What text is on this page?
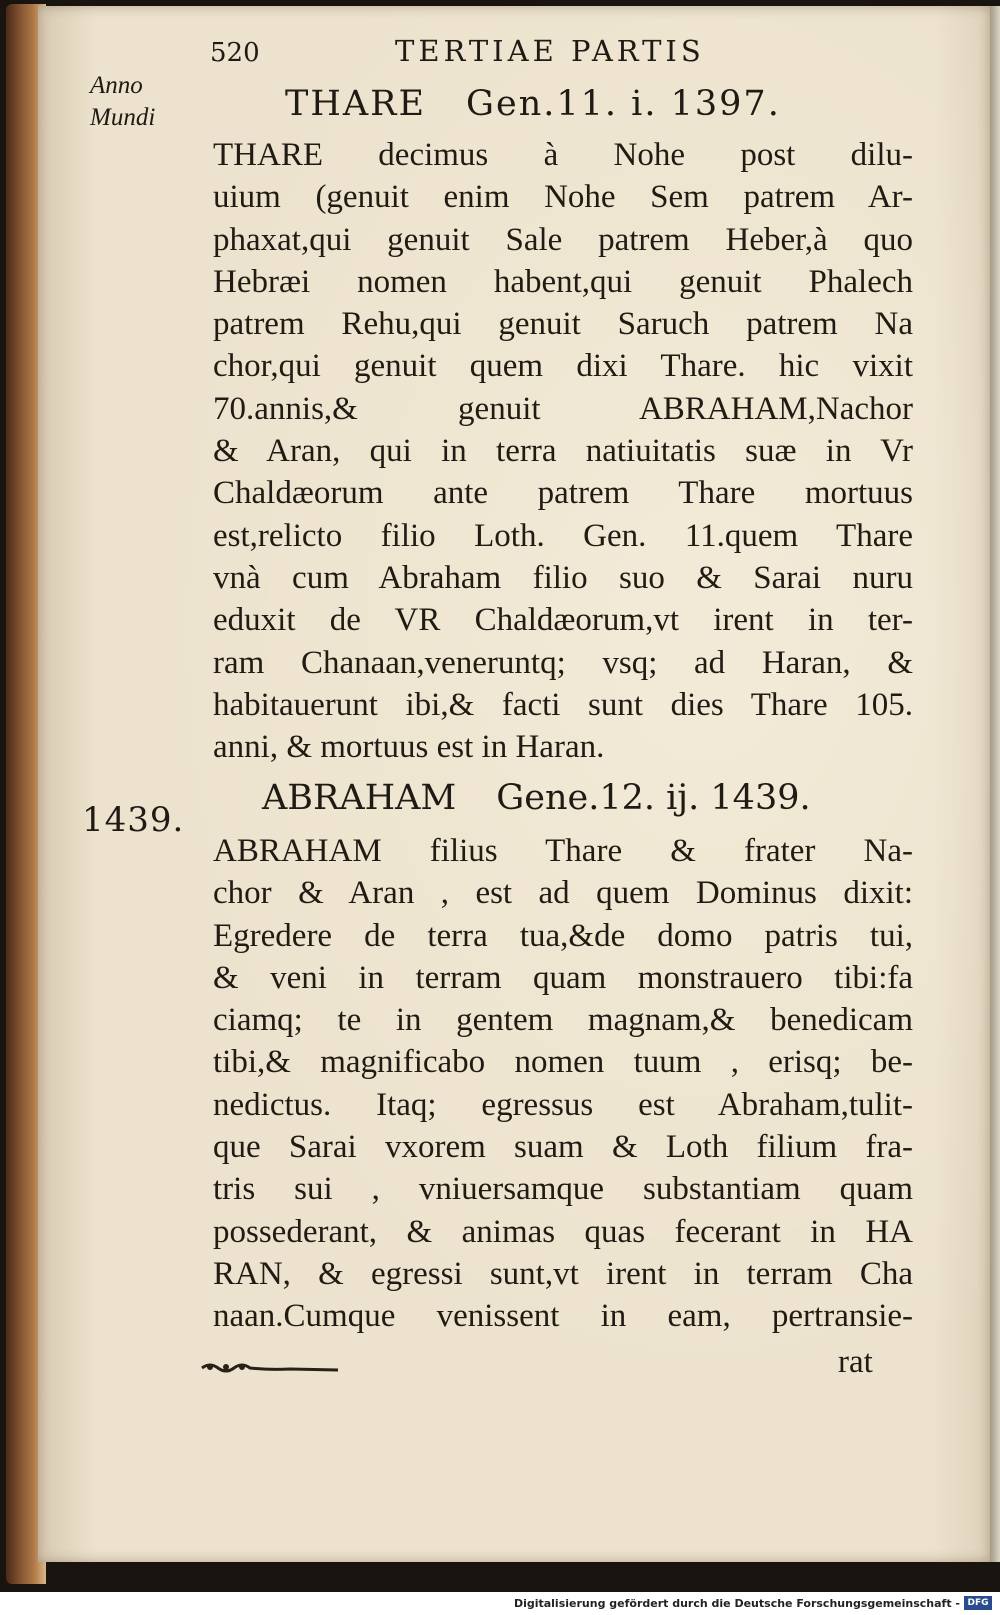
520	TERTIAE PARTIS
Anno
Mundi	THARE Gen.11. i. 1397.
THARE decimus à Nohe post dilu-
uium (genuit enim Nohe Sem patrem Ar-
phaxat,qui genuit Sale patrem Heber,à quo
Hebræi nomen habent,qui genuit Phalech
patrem Rehu,qui genuit Saruch patrem Na
chor,qui genuit quem dixi Thare. hic vixit
70.annis,& genuit ABRAHAM,Nachor
& Aran, qui in terra natiuitatis suæ in Vr
Chaldæorum ante patrem Thare mortuus
est,relicto filio Loth. Gen. 11.quem Thare
vnà cum Abraham filio suo & Sarai nuru
eduxit de VR Chaldæorum,vt irent in ter-
ram Chanaan,veneruntq; vsq; ad Haran, &
habitauerunt ibi,& facti sunt dies Thare 105.
anni, & mortuus est in Haran.
1439.
ABRAHAM Gene.12. ij. 1439.
ABRAHAM filius Thare & frater Na-
chor & Aran , est ad quem Dominus dixit:
Egredere de terra tua,&de domo patris tui,
& veni in terram quam monstrauero tibi:fa
ciamq; te in gentem magnam,& benedicam
tibi,& magnificabo nomen tuum , erisq; be-
nedictus. Itaq; egressus est Abraham,tulit-
que Sarai vxorem suam & Loth filium fra-
tris sui , vniuersamque substantiam quam
possederant, & animas quas fecerant in HA
RAN, & egressi sunt,vt irent in terram Cha
naan.Cumque venissent in eam, pertransie-
rat
Digitalisierung gefördert durch die Deutsche Forschungsgemeinschaft - DFG
